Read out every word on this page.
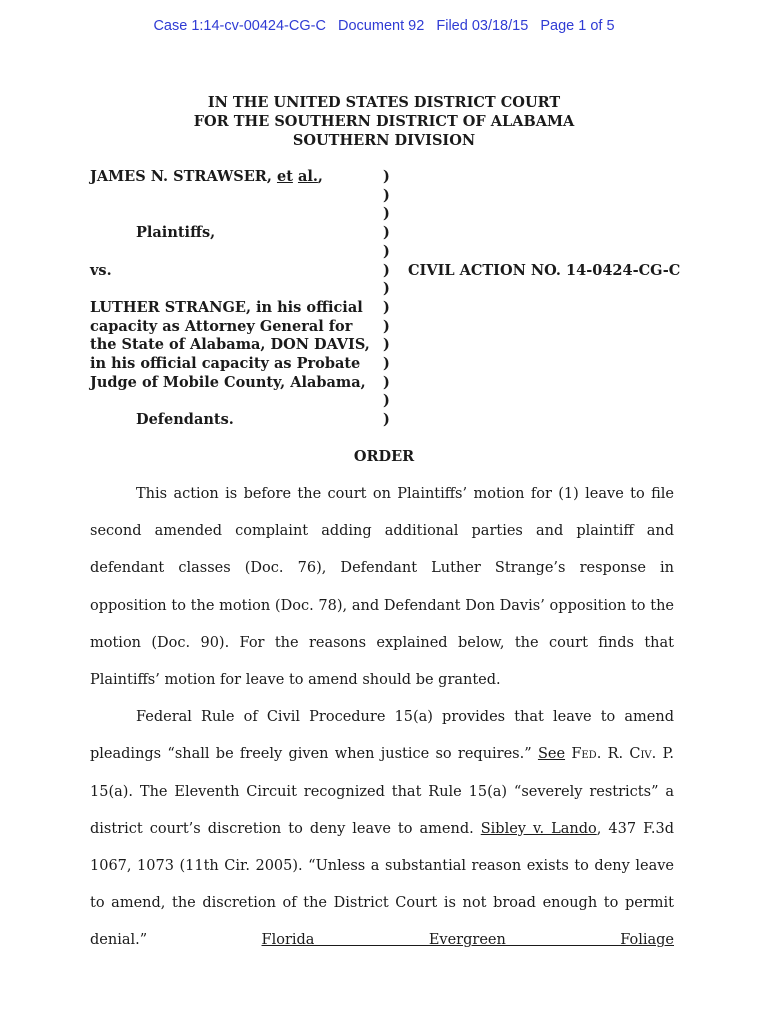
Case 1:14-cv-00424-CG-C Document 92 Filed 03/18/15 Page 1 of 5
IN THE UNITED STATES DISTRICT COURT
FOR THE SOUTHERN DISTRICT OF ALABAMA
SOUTHERN DIVISION
JAMES N. STRAWSER, et al.,
Plaintiffs,
vs.
LUTHER STRANGE, in his official
capacity as Attorney General for
the State of Alabama, DON DAVIS,
in his official capacity as Probate
Judge of Mobile County, Alabama,
Defendants.
)
)
)
)
)
)
)
)
)
)
)
)
)
)
CIVIL ACTION NO. 14-0424-CG-C
ORDER

This action is before the court on Plaintiffs’ motion for (1) leave to file second amended complaint adding additional parties and plaintiff and defendant classes (Doc. 76), Defendant Luther Strange’s response in opposition to the motion (Doc. 78), and Defendant Don Davis’ opposition to the motion (Doc. 90). For the reasons explained below, the court finds that Plaintiffs’ motion for leave to amend should be granted.

Federal Rule of Civil Procedure 15(a) provides that leave to amend pleadings “shall be freely given when justice so requires.” See Fed. R. Civ. P. 15(a). The Eleventh Circuit recognized that Rule 15(a) “severely restricts” a district court’s discretion to deny leave to amend. Sibley v. Lando, 437 F.3d 1067, 1073 (11th Cir. 2005). “Unless a substantial reason exists to deny leave to amend, the discretion of the District Court is not broad enough to permit denial.” Florida Evergreen Foliage
